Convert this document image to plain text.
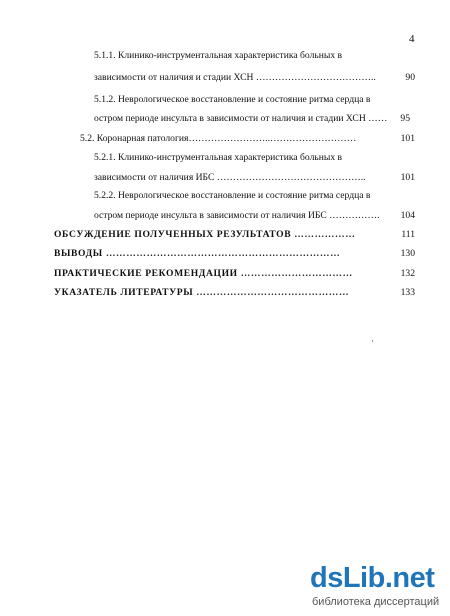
4
5.1.1. Клинико-инструментальная характеристика больных в
зависимости от наличия и стадии ХСН ………………………………..	90
5.1.2. Неврологическое восстановление и состояние ритма сердца в
остром периоде инсульта в зависимости от наличия и стадии ХСН ……	95
5.2. Коронарная патология……………………..………………………	101
5.2.1. Клинико-инструментальная характеристика больных в
зависимости от наличия ИБС ………………………………………..	101
5.2.2. Неврологическое восстановление и состояние ритма сердца в
остром периоде инсульта в зависимости от наличия ИБС …………….	104
ОБСУЖДЕНИЕ ПОЛУЧЕННЫХ РЕЗУЛЬТАТОВ ………………	111
ВЫВОДЫ ……………………………………………………………	130
ПРАКТИЧЕСКИЕ РЕКОМЕНДАЦИИ ……………………………	132
УКАЗАТЕЛЬ ЛИТЕРАТУРЫ ………………………………………	133
dsLib.net
библиотека диссертаций
